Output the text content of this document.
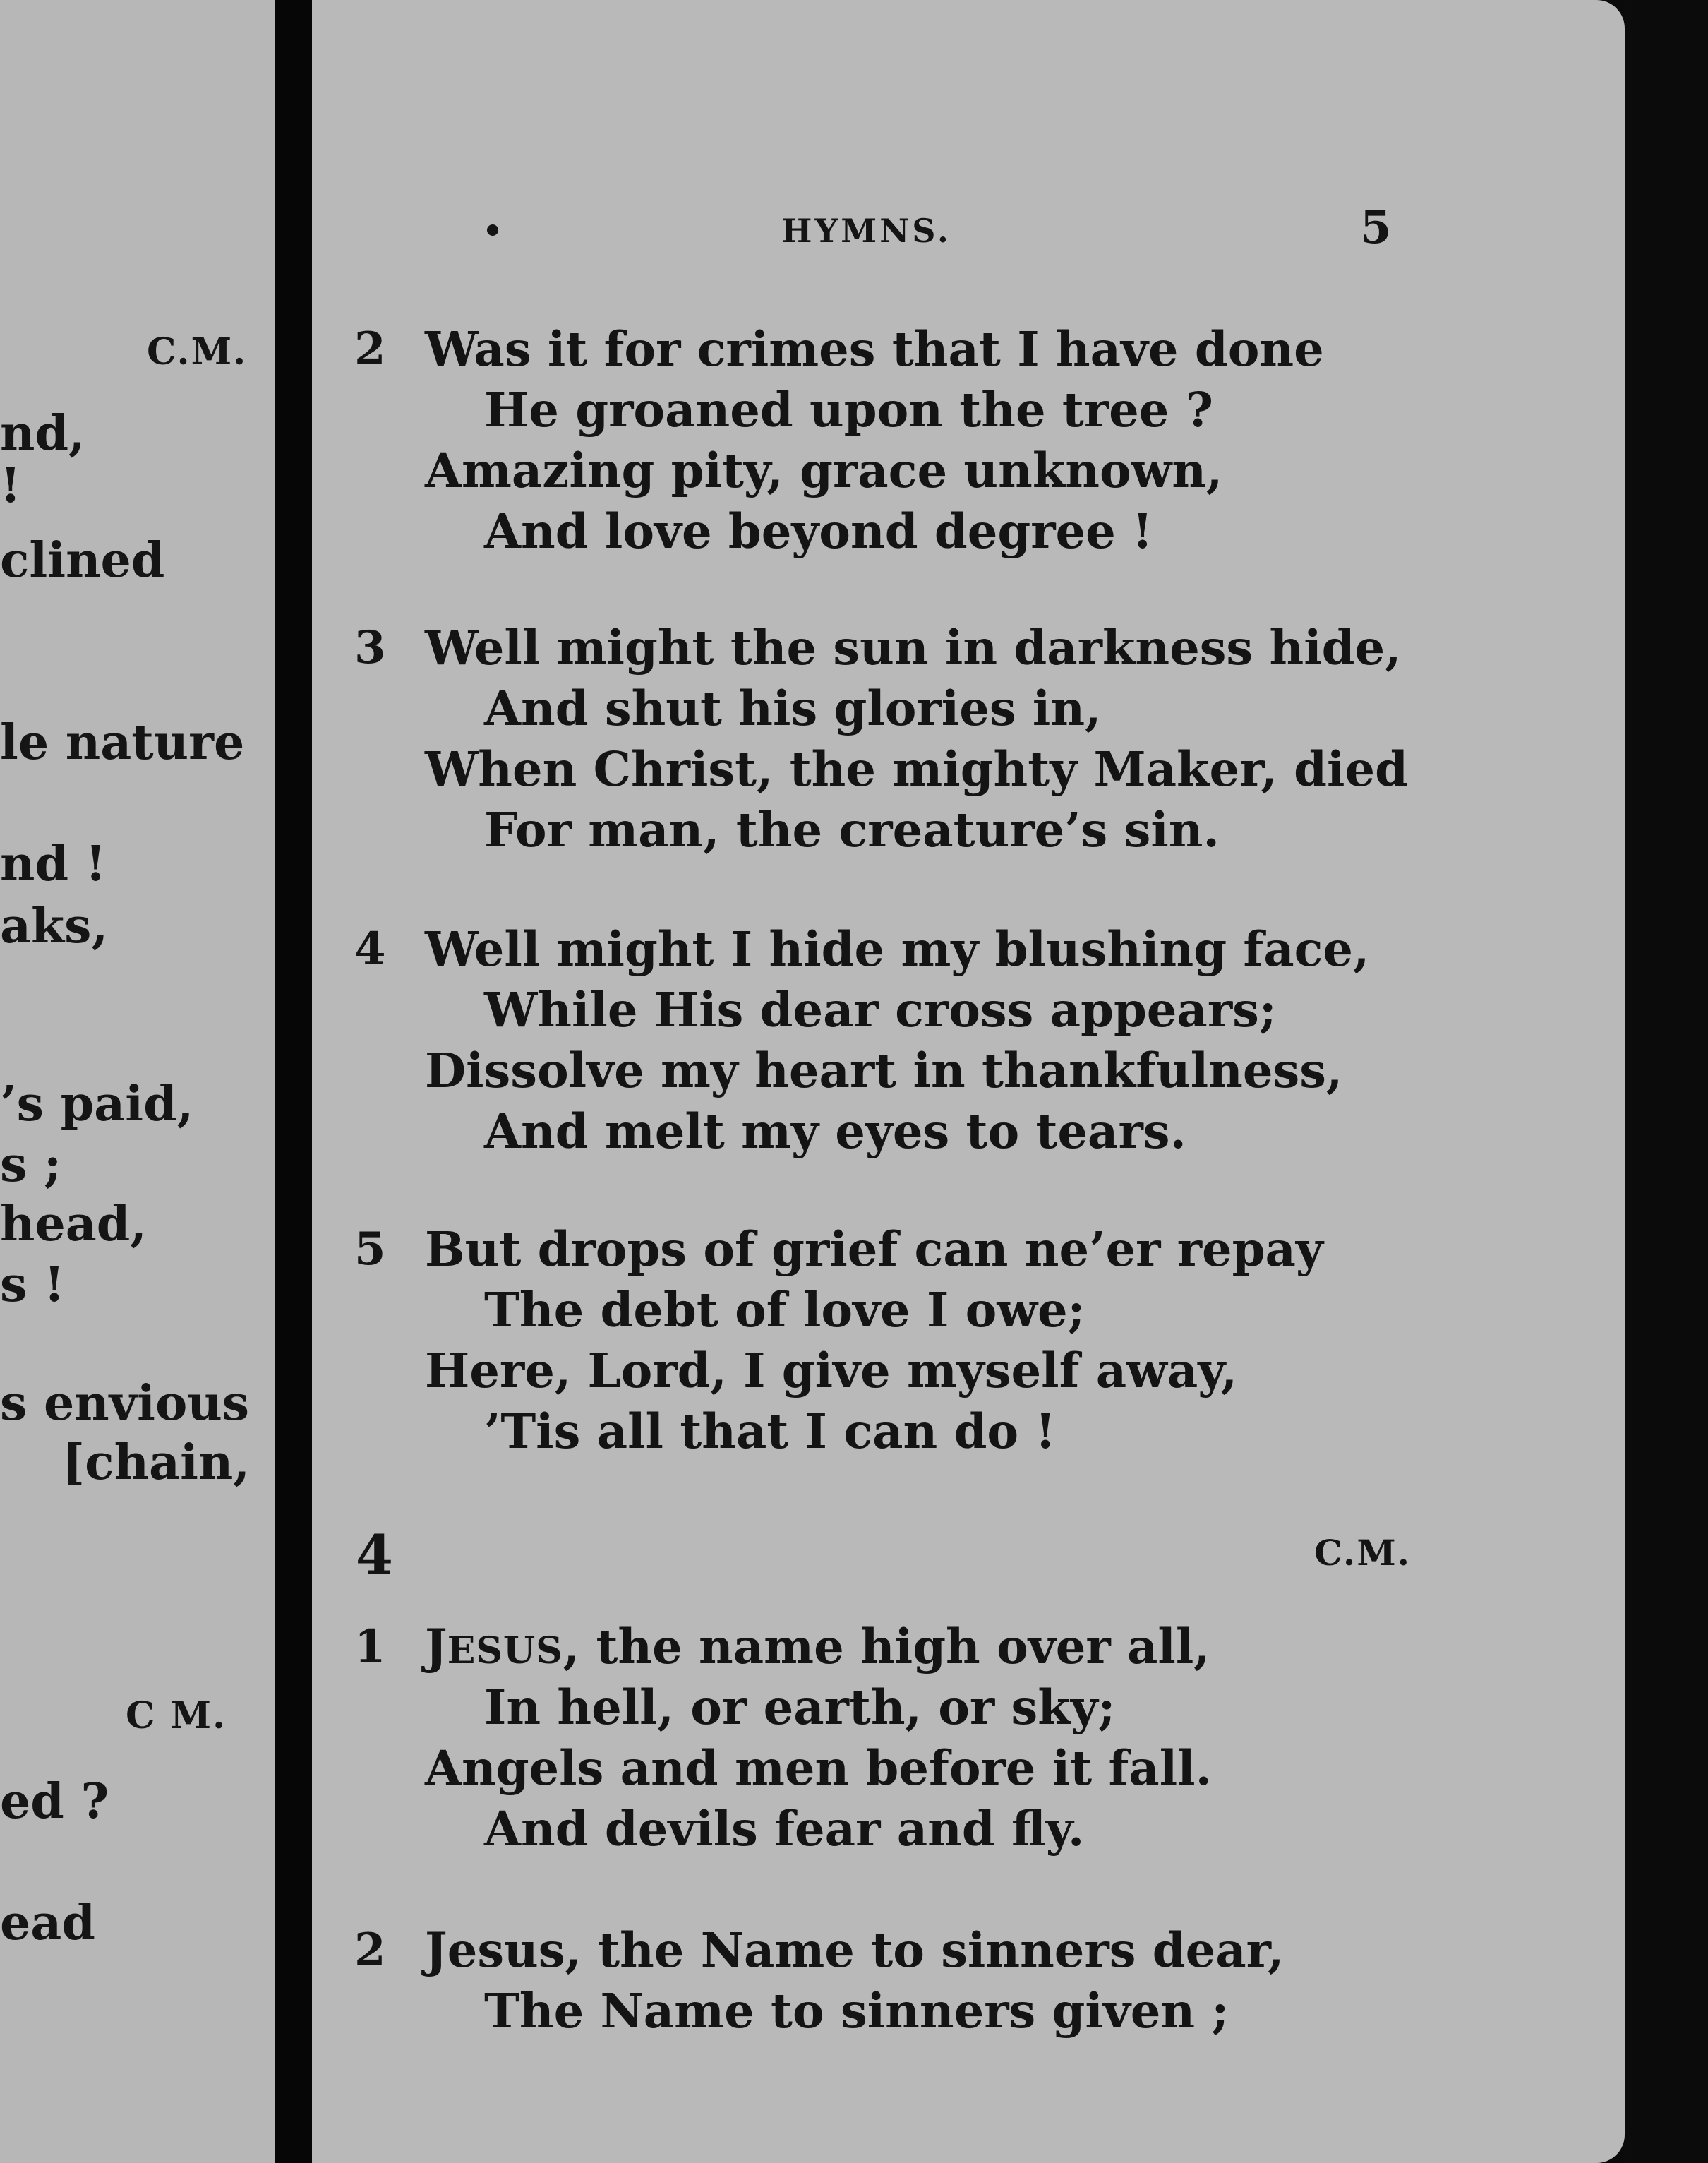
C.M.
nd,
!
clined
le nature
nd !
aks,
’s paid,
s ;
head,
s !
s envious
[chain,
C M.
ed ?
ead
HYMNS.	5
2 Was it for crimes that I have done
He groaned upon the tree ?
Amazing pity, grace unknown,
And love beyond degree !
3 Well might the sun in darkness hide,
And shut his glories in,
When Christ, the mighty Maker, died
For man, the creature’s sin.
4 Well might I hide my blushing face,
While His dear cross appears;
Dissolve my heart in thankfulness,
And melt my eyes to tears.
5 But drops of grief can ne’er repay
The debt of love I owe;
Here, Lord, I give myself away,
’Tis all that I can do !
4	C.M.
1 JESUS, the name high over all,
In hell, or earth, or sky;
Angels and men before it fall.
And devils fear and fly.
2 Jesus, the Name to sinners dear,
The Name to sinners given ;
